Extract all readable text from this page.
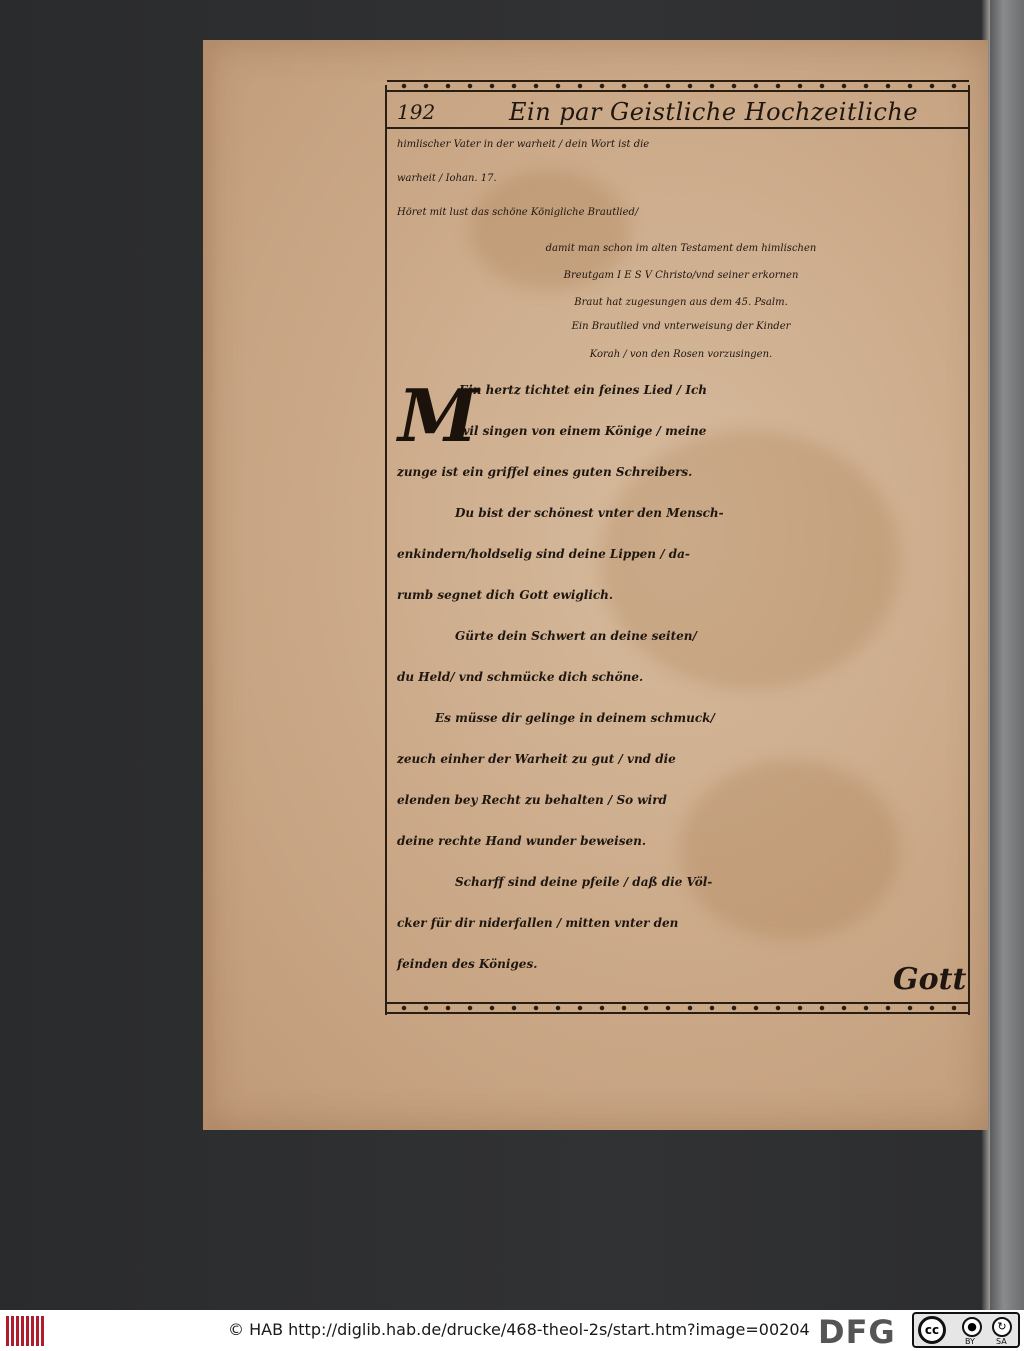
192	Ein par Geistliche Hochzeitliche
himlischer Vater in der warheit / dein Wort ist die
warheit / Iohan. 17.
Höret mit lust das schöne Königliche Brautlied/
damit man schon im alten Testament dem himlischen
Breutgam I E S V Christo/vnd seiner erkornen
Braut hat zugesungen aus dem 45. Psalm.
Ein Brautlied vnd vnterweisung der Kinder
Korah / von den Rosen vorzusingen.
Ein hertz tichtet ein feines Lied / Ich
wil singen von einem Könige / meine
zunge ist ein griffel eines guten Schreibers.
Du bist der schönest vnter den Mensch-
enkindern/holdselig sind deine Lippen / da-
rumb segnet dich Gott ewiglich.
Gürte dein Schwert an deine seiten/
du Held/ vnd schmücke dich schöne.
Es müsse dir gelinge in deinem schmuck/
zeuch einher der Warheit zu gut / vnd die
elenden bey Recht zu behalten / So wird
deine rechte Hand wunder beweisen.
Scharff sind deine pfeile / daß die Völ-
cker für dir niderfallen / mitten vnter den
feinden des Königes.
M
Gott
© HAB http://diglib.hab.de/drucke/468-theol-2s/start.htm?image=00204 DFG	cc	●	↻
BY	SA
